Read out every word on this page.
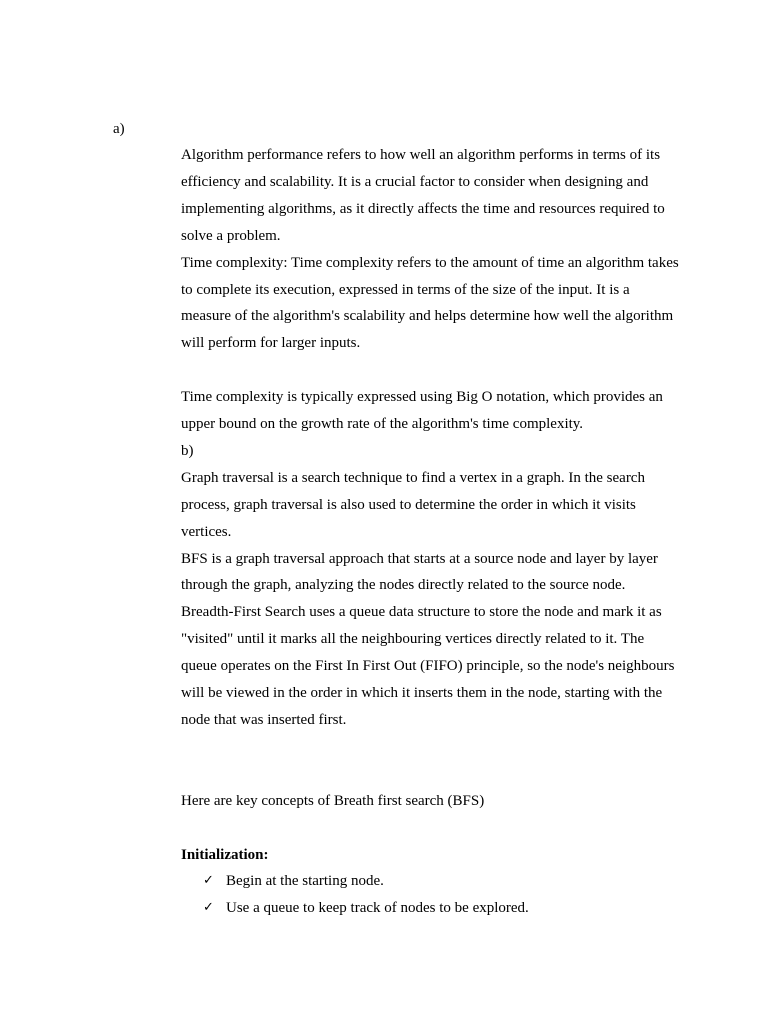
a)

Algorithm performance refers to how well an algorithm performs in terms of its efficiency and scalability. It is a crucial factor to consider when designing and implementing algorithms, as it directly affects the time and resources required to solve a problem.

Time complexity: Time complexity refers to the amount of time an algorithm takes to complete its execution, expressed in terms of the size of the input. It is a measure of the algorithm's scalability and helps determine how well the algorithm will perform for larger inputs.

Time complexity is typically expressed using Big O notation, which provides an upper bound on the growth rate of the algorithm's time complexity.

b)

Graph traversal is a search technique to find a vertex in a graph. In the search process, graph traversal is also used to determine the order in which it visits vertices.

BFS is a graph traversal approach that starts at a source node and layer by layer through the graph, analyzing the nodes directly related to the source node. Breadth-First Search uses a queue data structure to store the node and mark it as "visited" until it marks all the neighbouring vertices directly related to it. The queue operates on the First In First Out (FIFO) principle, so the node's neighbours will be viewed in the order in which it inserts them in the node, starting with the node that was inserted first.

Here are key concepts of Breath first search (BFS)

Initialization:

✓ Begin at the starting node.
✓ Use a queue to keep track of nodes to be explored.
